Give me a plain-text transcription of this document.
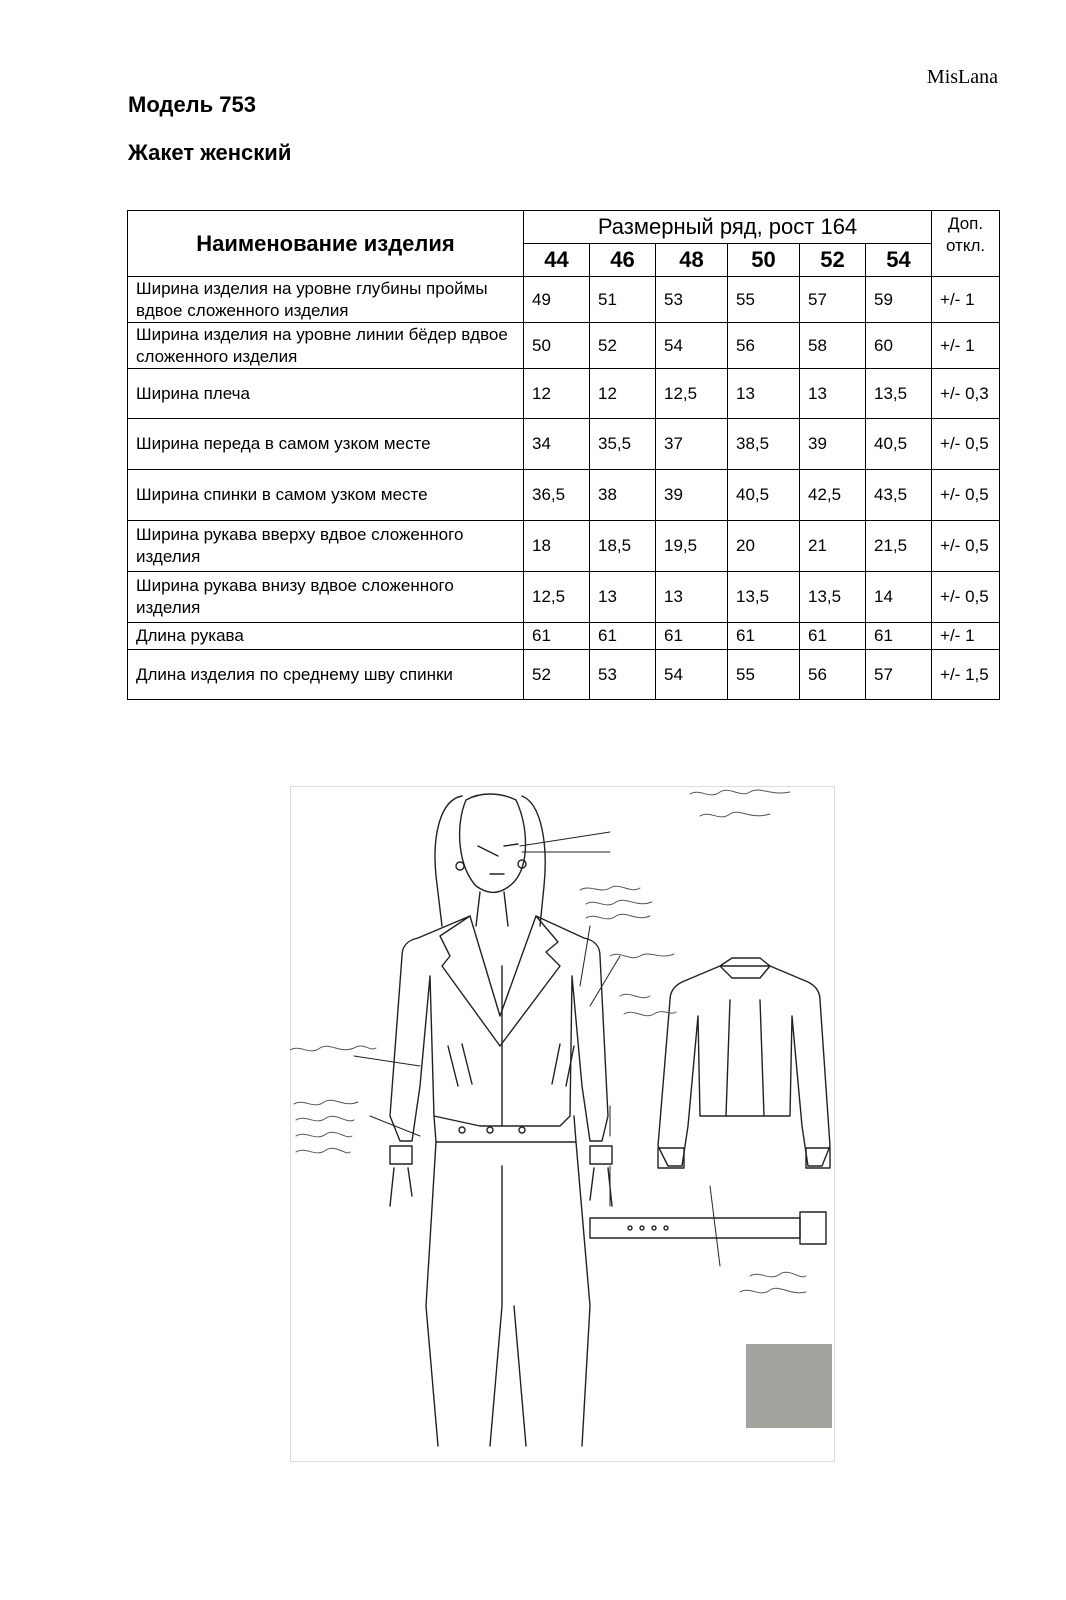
MisLana
Модель 753
Жакет женский
Наименование изделия	Размерный ряд, рост 164						Доп. откл.
	44	46	48	50	52	54	
Ширина изделия на уровне глубины проймы вдвое сложенного изделия	49	51	53	55	57	59	+/- 1
Ширина изделия на уровне линии бёдер вдвое сложенного изделия	50	52	54	56	58	60	+/- 1
Ширина плеча	12	12	12,5	13	13	13,5	+/- 0,3
Ширина переда в самом узком месте	34	35,5	37	38,5	39	40,5	+/- 0,5
Ширина спинки в самом узком месте	36,5	38	39	40,5	42,5	43,5	+/- 0,5
Ширина рукава вверху вдвое сложенного изделия	18	18,5	19,5	20	21	21,5	+/- 0,5
Ширина рукава внизу вдвое сложенного изделия	12,5	13	13	13,5	13,5	14	+/- 0,5
Длина рукава	61	61	61	61	61	61	+/- 1
Длина изделия по среднему шву спинки	52	53	54	55	56	57	+/- 1,5
